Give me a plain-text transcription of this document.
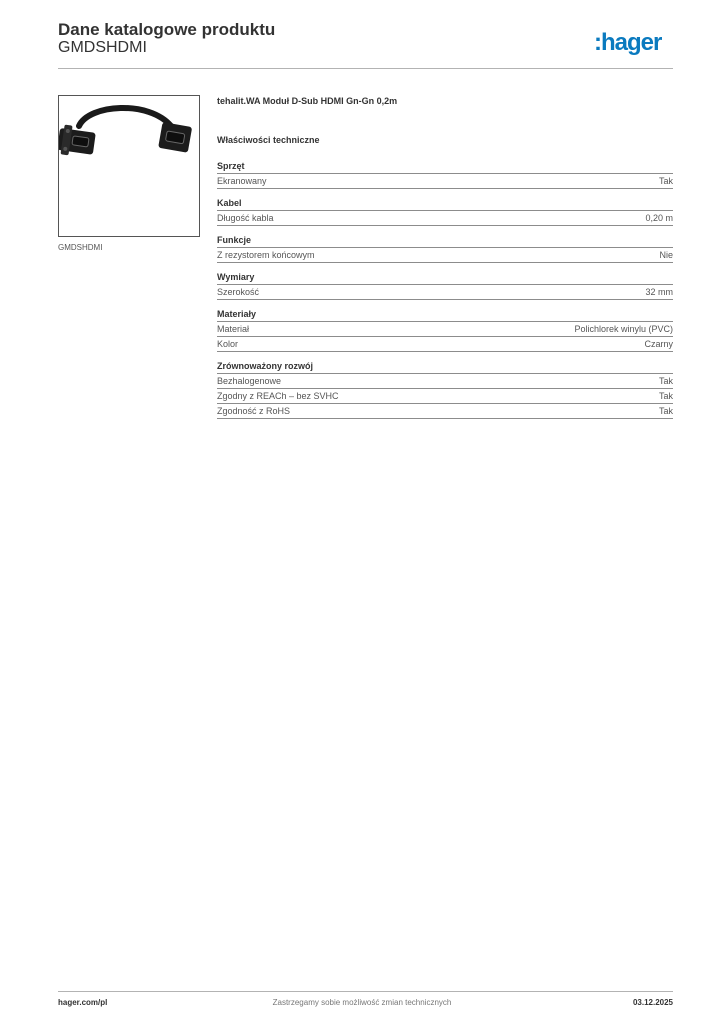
Dane katalogowe produktu
GMDSHDMI	:hager
GMDSHDMI
tehalit.WA Moduł D-Sub HDMI Gn-Gn 0,2m
Właściwości techniczne
Sprzęt
Ekranowany	Tak
Kabel
Długość kabla	0,20 m
Funkcje
Z rezystorem końcowym	Nie
Wymiary
Szerokość	32 mm
Materiały
Materiał	Polichlorek winylu (PVC)
Kolor	Czarny
Zrównoważony rozwój
Bezhalogenowe	Tak
Zgodny z REACh – bez SVHC	Tak
Zgodność z RoHS	Tak
hager.com/pl	Zastrzegamy sobie możliwość zmian technicznych	03.12.2025
